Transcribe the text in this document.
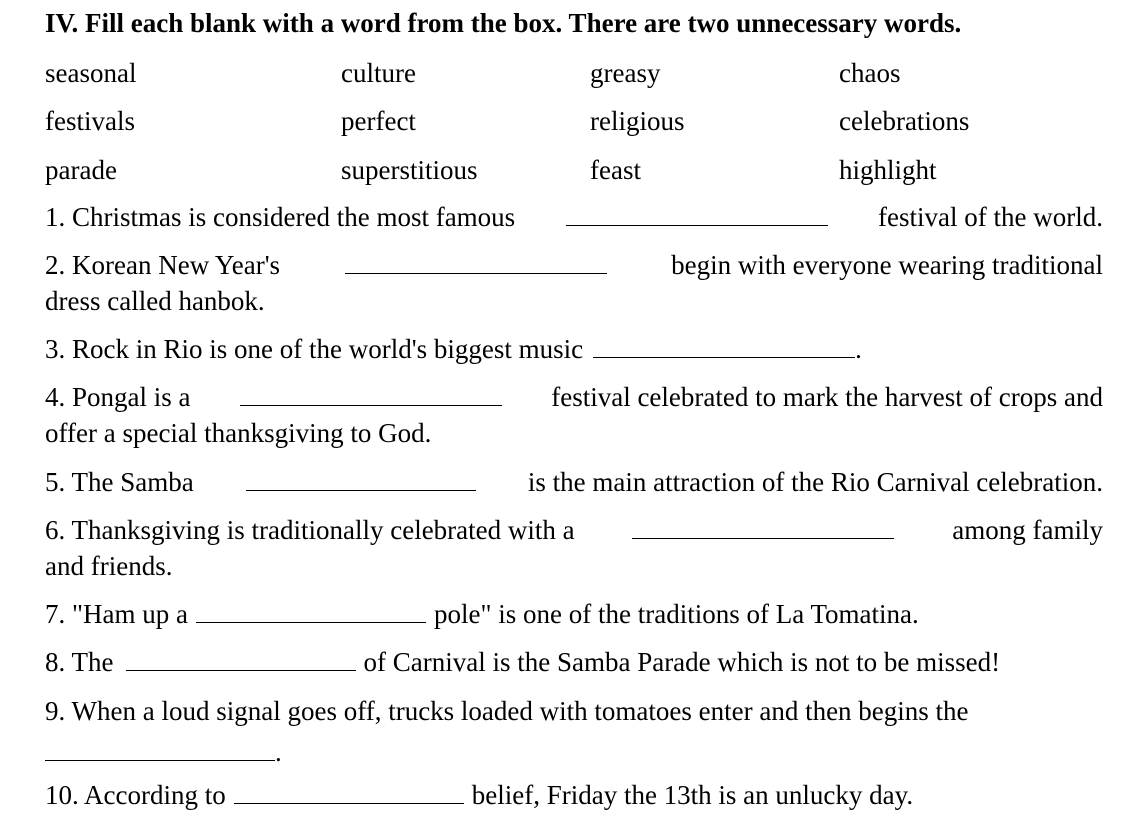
IV. Fill each blank with a word from the box. There are two unnecessary words.
seasonal	culture	greasy	chaos
festivals	perfect	religious	celebrations
parade	superstitious	feast	highlight
1. Christmas is considered the most famous	festival of the world.
2. Korean New Year's	begin with everyone wearing traditional
dress called hanbok.
3. Rock in Rio is one of the world's biggest music	.
4. Pongal is a	festival celebrated to mark the harvest of crops and
offer a special thanksgiving to God.
5. The Samba	is the main attraction of the Rio Carnival celebration.
6. Thanksgiving is traditionally celebrated with a	among family
and friends.
7. "Ham up a	pole" is one of the traditions of La Tomatina.
8. The	of Carnival is the Samba Parade which is not to be missed!
9. When a loud signal goes off, trucks loaded with tomatoes enter and then begins the
.
10. According to	belief, Friday the 13th is an unlucky day.
